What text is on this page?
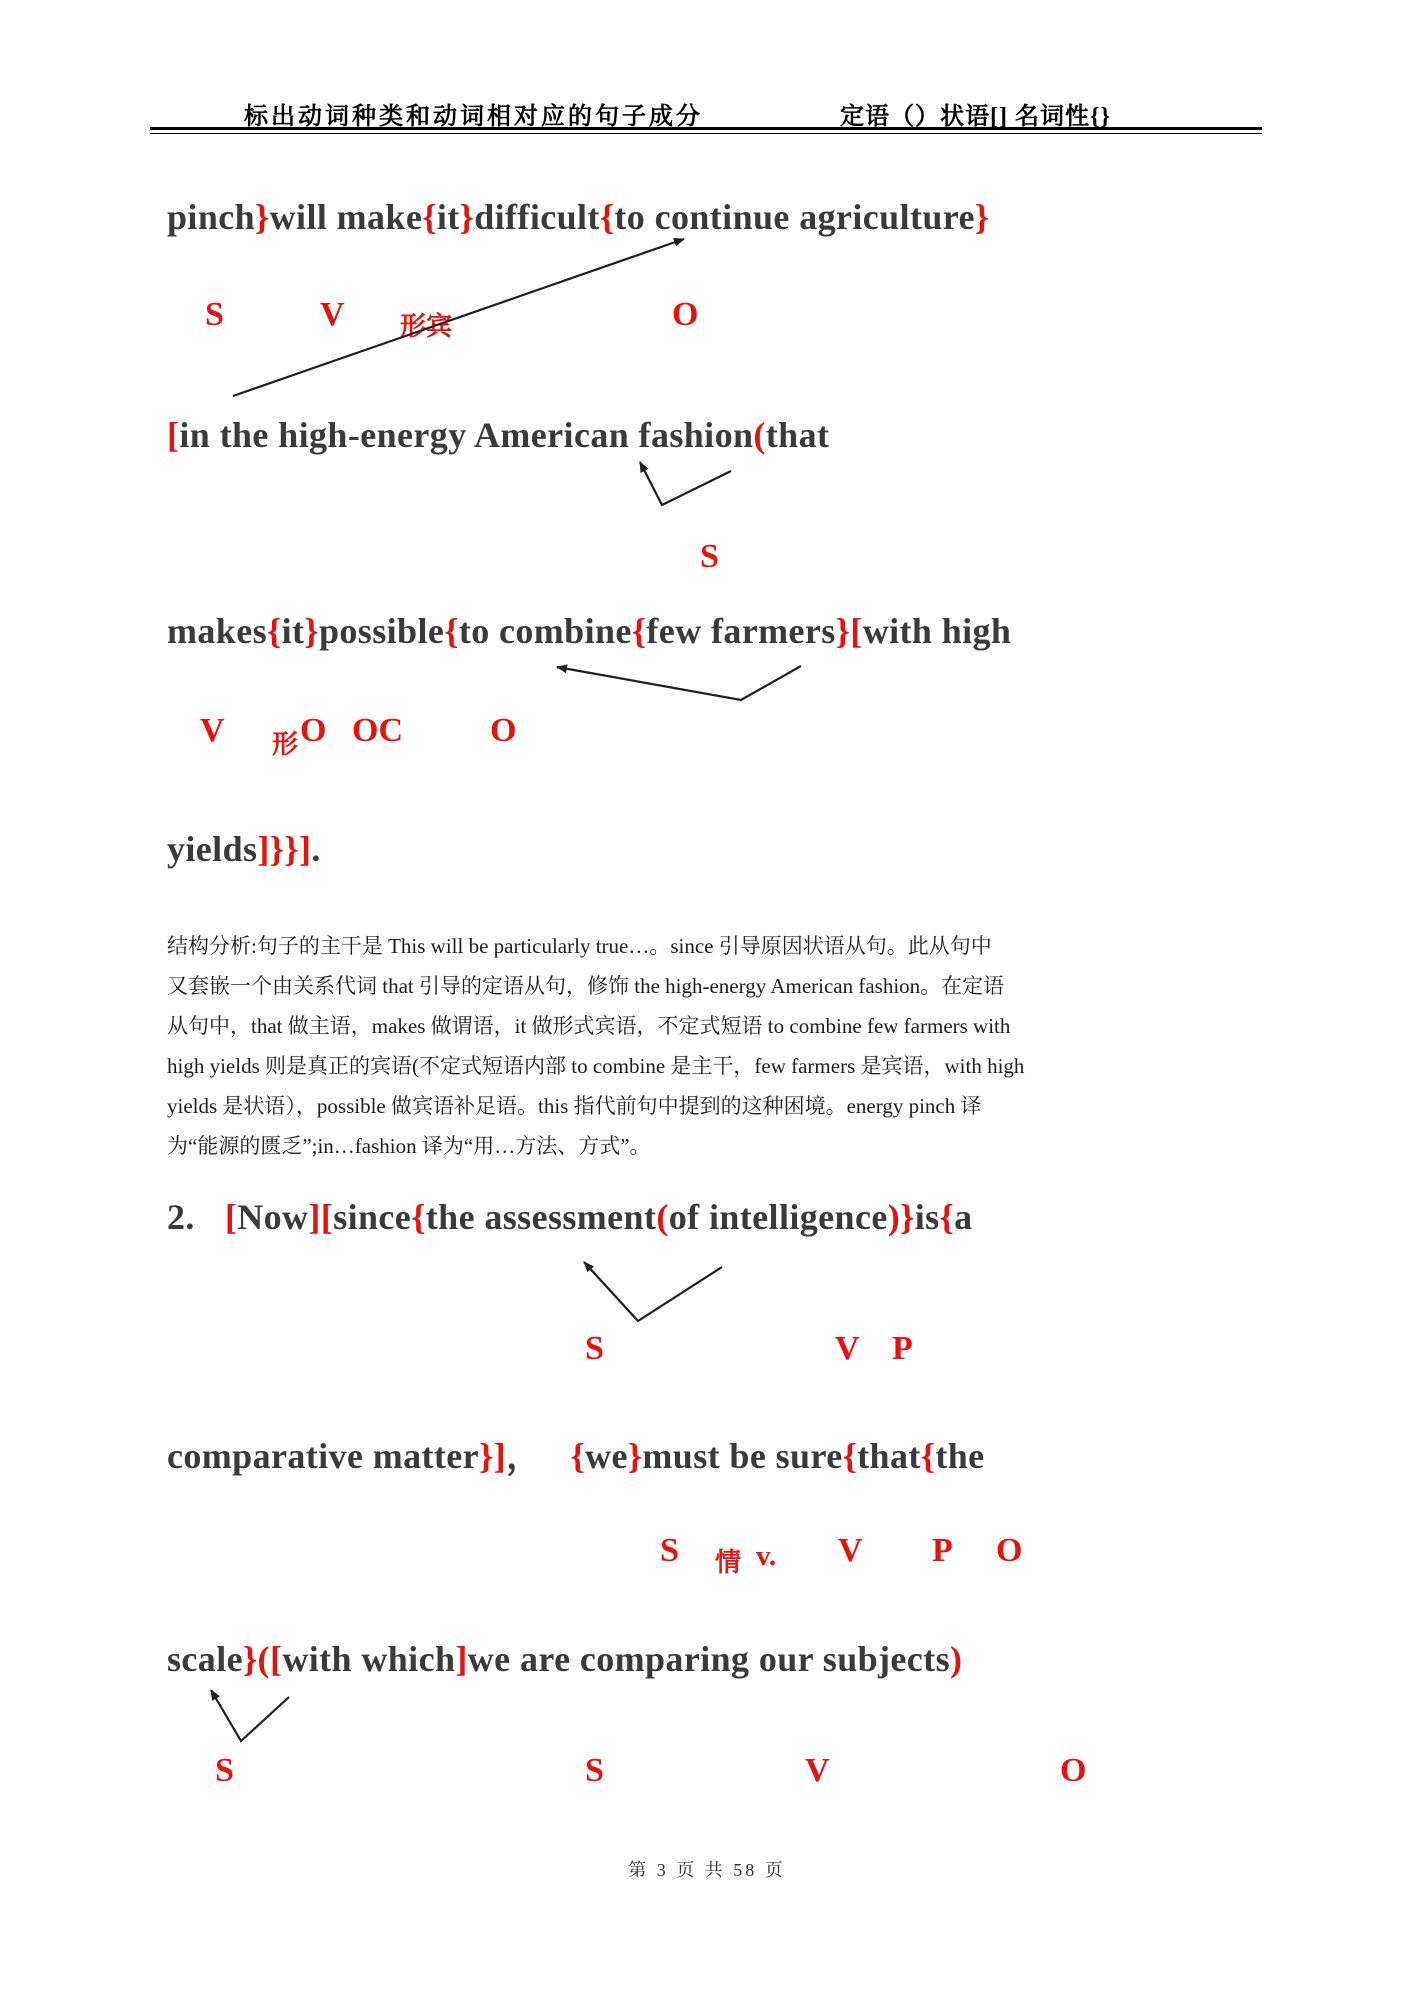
标出动词种类和动词相对应的句子成分	定语（）状语[] 名词性{}
pinch}will make{it}difficult{to continue agriculture}
S	V 形宾	O
[in the high-energy American fashion(that
S
makes{it}possible{to combine{few farmers}[with high
V 形 O OC	O
yields]}}].
结构分析:句子的主干是 This will be particularly true…。since 引导原因状语从句。此从句中
又套嵌一个由关系代词 that 引导的定语从句，修饰 the high-energy American fashion。在定语
从句中，that 做主语，makes 做谓语，it 做形式宾语，不定式短语 to combine few farmers with
high yields 则是真正的宾语(不定式短语内部 to combine 是主干，few farmers 是宾语，with high
yields 是状语），possible 做宾语补足语。this 指代前句中提到的这种困境。energy pinch 译
为“能源的匮乏”;in…fashion 译为“用…方法、方式”。
2. [Now][since{the assessment(of intelligence)}is{a
S	V P
comparative matter}]， {we}must be sure{that{the
S 情 v. V P O
scale}([with which]we are comparing our subjects)
S	S	V	O
第 3 页 共 58 页
